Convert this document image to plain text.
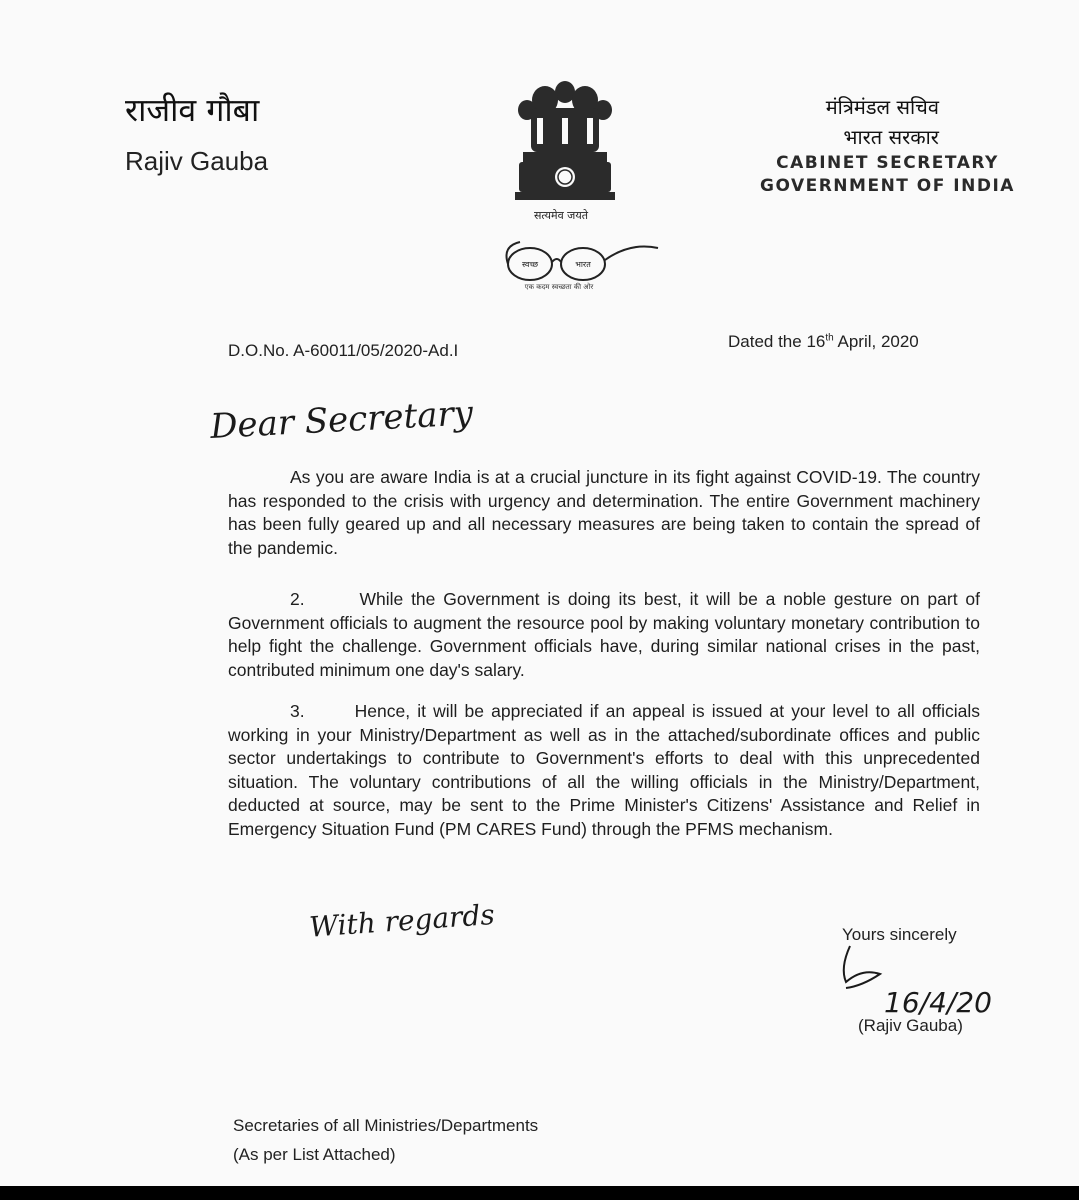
राजीव गौबा
Rajiv Gauba
सत्यमेव जयते
स्वच्छ	भारत
एक कदम स्वच्छता की ओर
मंत्रिमंडल सचिव
भारत सरकार
CABINET SECRETARY
GOVERNMENT OF INDIA
D.O.No. A-60011/05/2020-Ad.I	Dated the 16th April, 2020
Dear Secretary

As you are aware India is at a crucial juncture in its fight against COVID-19. The country has responded to the crisis with urgency and determination. The entire Government machinery has been fully geared up and all necessary measures are being taken to contain the spread of the pandemic.

2.       While the Government is doing its best, it will be a noble gesture on part of Government officials to augment the resource pool by making voluntary monetary contribution to help fight the challenge. Government officials have, during similar national crises in the past, contributed minimum one day's salary.

3.       Hence, it will be appreciated if an appeal is issued at your level to all officials working in your Ministry/Department as well as in the attached/subordinate offices and public sector undertakings to contribute to Government's efforts to deal with this unprecedented situation. The voluntary contributions of all the willing officials in the Ministry/Department, deducted at source, may be sent to the Prime Minister's Citizens' Assistance and Relief in Emergency Situation Fund (PM CARES Fund) through the PFMS mechanism.

With regards	Yours sincerely
16/4/20
(Rajiv Gauba)
Secretaries of all Ministries/Departments
(As per List Attached)
